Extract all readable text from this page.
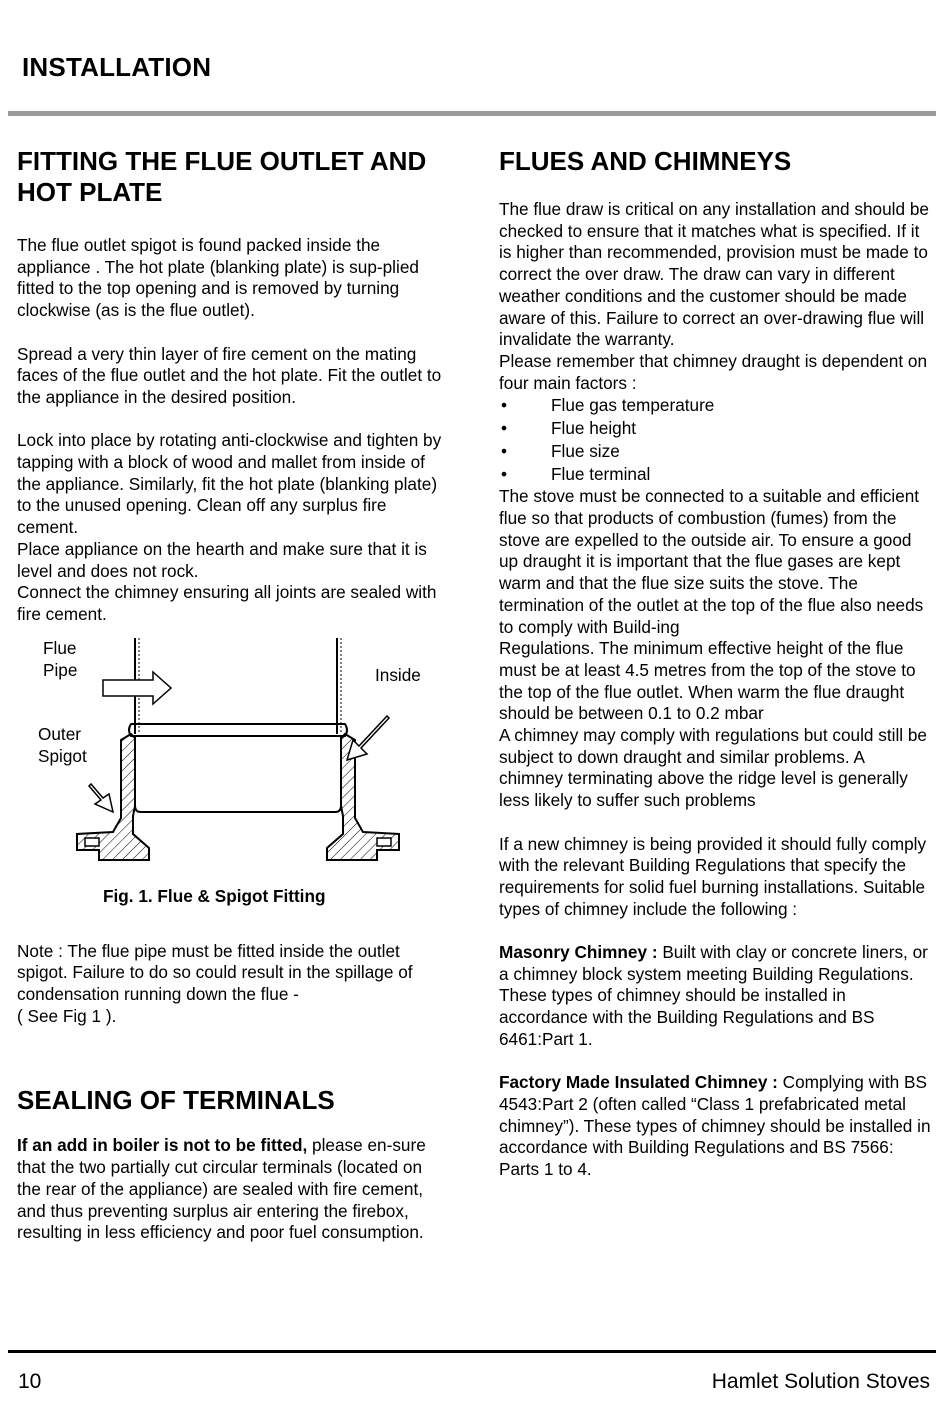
INSTALLATION
FITTING THE FLUE OUTLET AND HOT PLATE

The flue outlet spigot is found packed inside the appliance . The hot plate (blanking plate) is sup-plied fitted to the top opening and is removed by turning clockwise (as is the flue outlet).

Spread a very thin layer of fire cement on the mating faces of the flue outlet and the hot plate. Fit the outlet to the appliance in the desired position.

Lock into place by rotating anti-clockwise and tighten by tapping with a block of wood and mallet from inside of the appliance. Similarly, fit the hot plate (blanking plate) to the unused opening. Clean off any surplus fire cement.

Place appliance on the hearth and make sure that it is level and does not rock.

Connect the chimney ensuring all joints are sealed with fire cement.

Flue
Pipe	Inside
Outer
Spigot
Fig. 1. Flue & Spigot Fitting

Note : The flue pipe must be fitted inside the outlet spigot. Failure to do so could result in the spillage of condensation running down the flue -

( See Fig 1 ).

SEALING OF TERMINALS

If an add in boiler is not to be fitted, please en-sure that the two partially cut circular terminals (located on the rear of the appliance) are sealed with fire cement, and thus preventing surplus air entering the firebox, resulting in less efficiency and poor fuel consumption.

FLUES AND CHIMNEYS

The flue draw is critical on any installation and should be checked to ensure that it matches what is specified. If it is higher than recommended, provision must be made to correct the over draw. The draw can vary in different weather conditions and the customer should be made aware of this. Failure to correct an over-drawing flue will invalidate the warranty.

Please remember that chimney draught is dependent on four main factors :

• Flue gas temperature
• Flue height
• Flue size
• Flue terminal

The stove must be connected to a suitable and efficient flue so that products of combustion (fumes) from the stove are expelled to the outside air. To ensure a good up draught it is important that the flue gases are kept warm and that the flue size suits the stove. The termination of the outlet at the top of the flue also needs to comply with Build-ing

Regulations. The minimum effective height of the flue must be at least 4.5 metres from the top of the stove to the top of the flue outlet. When warm the flue draught should be between 0.1 to 0.2 mbar

A chimney may comply with regulations but could still be subject to down draught and similar problems. A chimney terminating above the ridge level is generally less likely to suffer such problems

If a new chimney is being provided it should fully comply with the relevant Building Regulations that specify the requirements for solid fuel burning installations. Suitable types of chimney include the following :

Masonry Chimney : Built with clay or concrete liners, or a chimney block system meeting Building Regulations. These types of chimney should be installed in accordance with the Building Regulations and BS 6461:Part 1.

Factory Made Insulated Chimney : Complying with BS 4543:Part 2 (often called “Class 1 prefabricated metal chimney”). These types of chimney should be installed in accordance with Building Regulations and BS 7566: Parts 1 to 4.

10	Hamlet Solution Stoves
